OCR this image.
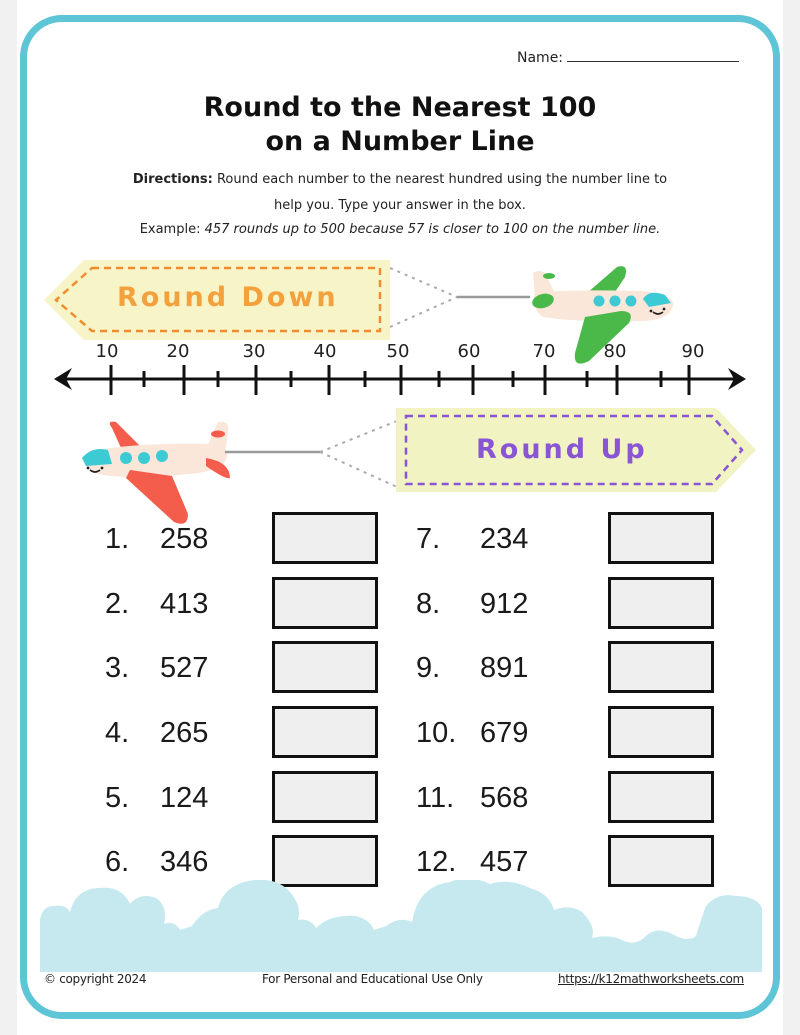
Name:
Round to the Nearest 100
on a Number Line
Directions: Round each number to the nearest hundred using the number line to
help you. Type your answer in the box.
Example: 457 rounds up to 500 because 57 is closer to 100 on the number line.
Round Down
10	20	30	40	50	60	70	80	90
Round Up
1. 258
2. 413
3. 527
4. 265
5. 124
6. 346
7. 234
8. 912
9. 891
10. 679
11. 568
12. 457
© copyright 2024	For Personal and Educational Use Only	https://k12mathworksheets.com
